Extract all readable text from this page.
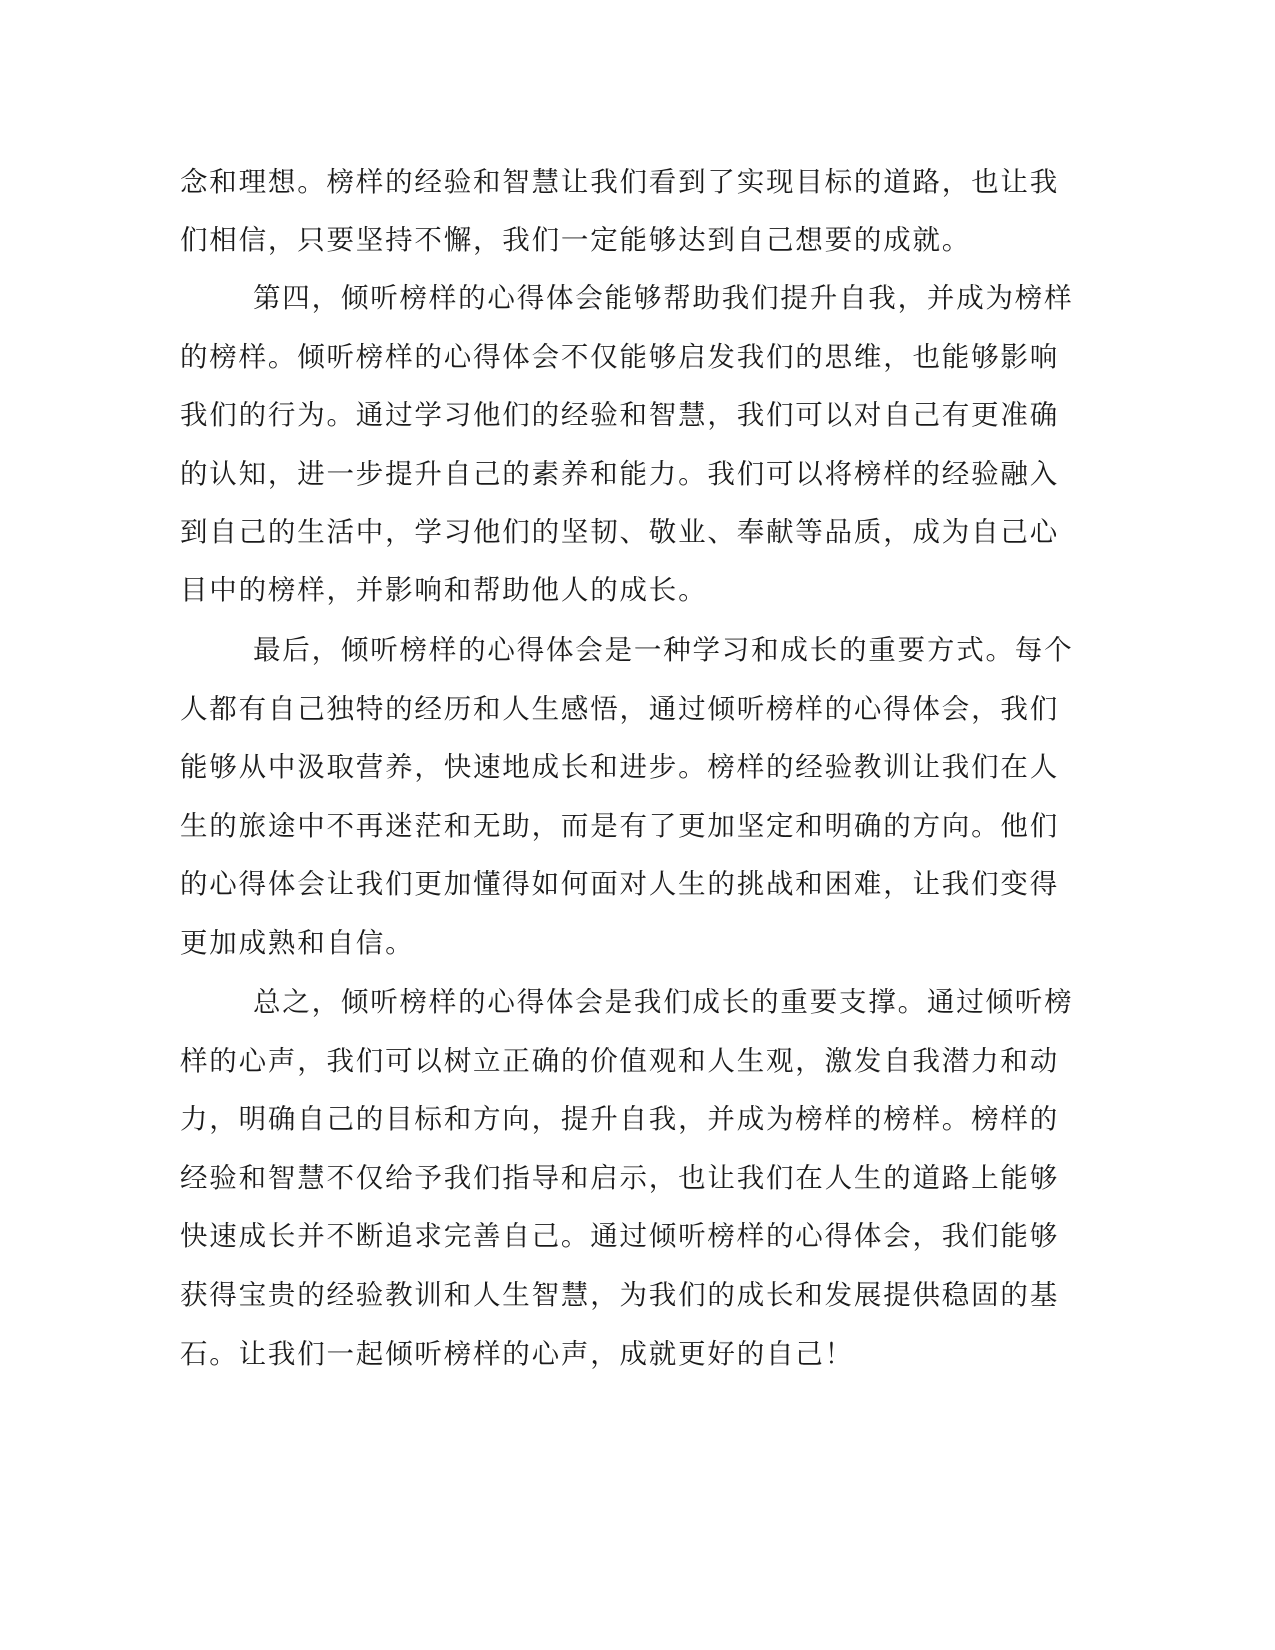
念和理想。榜样的经验和智慧让我们看到了实现目标的道路，也让我
们相信，只要坚持不懈，我们一定能够达到自己想要的成就。
第四，倾听榜样的心得体会能够帮助我们提升自我，并成为榜样
的榜样。倾听榜样的心得体会不仅能够启发我们的思维，也能够影响
我们的行为。通过学习他们的经验和智慧，我们可以对自己有更准确
的认知，进一步提升自己的素养和能力。我们可以将榜样的经验融入
到自己的生活中，学习他们的坚韧、敬业、奉献等品质，成为自己心
目中的榜样，并影响和帮助他人的成长。
最后，倾听榜样的心得体会是一种学习和成长的重要方式。每个
人都有自己独特的经历和人生感悟，通过倾听榜样的心得体会，我们
能够从中汲取营养，快速地成长和进步。榜样的经验教训让我们在人
生的旅途中不再迷茫和无助，而是有了更加坚定和明确的方向。他们
的心得体会让我们更加懂得如何面对人生的挑战和困难，让我们变得
更加成熟和自信。
总之，倾听榜样的心得体会是我们成长的重要支撑。通过倾听榜
样的心声，我们可以树立正确的价值观和人生观，激发自我潜力和动
力，明确自己的目标和方向，提升自我，并成为榜样的榜样。榜样的
经验和智慧不仅给予我们指导和启示，也让我们在人生的道路上能够
快速成长并不断追求完善自己。通过倾听榜样的心得体会，我们能够
获得宝贵的经验教训和人生智慧，为我们的成长和发展提供稳固的基
石。让我们一起倾听榜样的心声，成就更好的自己！
